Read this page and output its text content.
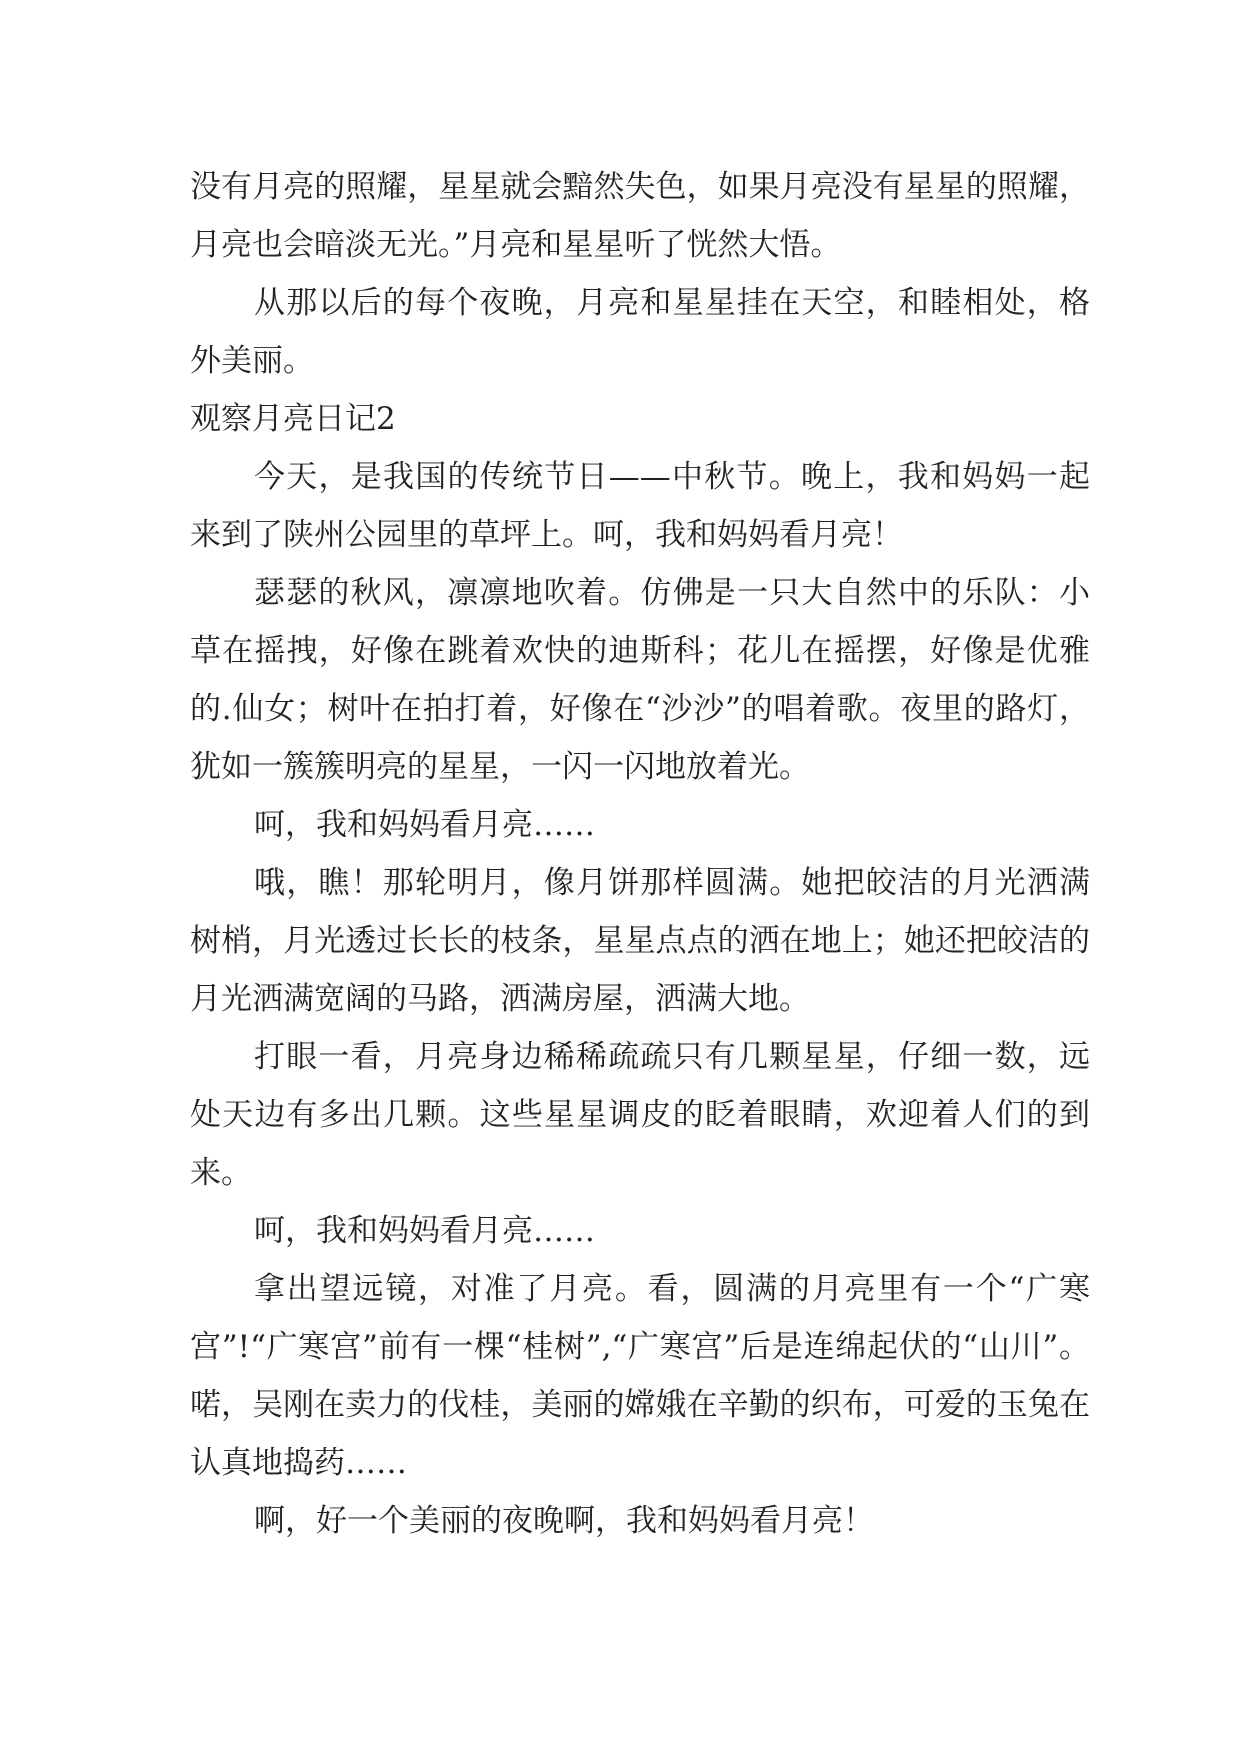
没有月亮的照耀，星星就会黯然失色，如果月亮没有星星的照耀，月亮也会暗淡无光。”月亮和星星听了恍然大悟。

从那以后的每个夜晚，月亮和星星挂在天空，和睦相处，格外美丽。

观察月亮日记2

今天，是我国的传统节日——中秋节。晚上，我和妈妈一起来到了陕州公园里的草坪上。呵，我和妈妈看月亮！

瑟瑟的秋风，凛凛地吹着。仿佛是一只大自然中的乐队：小草在摇拽，好像在跳着欢快的迪斯科；花儿在摇摆，好像是优雅的.仙女；树叶在拍打着，好像在“沙沙”的唱着歌。夜里的路灯，犹如一簇簇明亮的星星，一闪一闪地放着光。

呵，我和妈妈看月亮……

哦，瞧！那轮明月，像月饼那样圆满。她把皎洁的月光洒满树梢，月光透过长长的枝条，星星点点的洒在地上；她还把皎洁的月光洒满宽阔的马路，洒满房屋，洒满大地。

打眼一看，月亮身边稀稀疏疏只有几颗星星，仔细一数，远处天边有多出几颗。这些星星调皮的眨着眼睛，欢迎着人们的到来。

呵，我和妈妈看月亮……

拿出望远镜，对准了月亮。看，圆满的月亮里有一个“广寒宫”!“广寒宫”前有一棵“桂树”,“广寒宫”后是连绵起伏的“山川”。喏，吴刚在卖力的伐桂，美丽的嫦娥在辛勤的织布，可爱的玉兔在认真地捣药……

啊，好一个美丽的夜晚啊，我和妈妈看月亮！
